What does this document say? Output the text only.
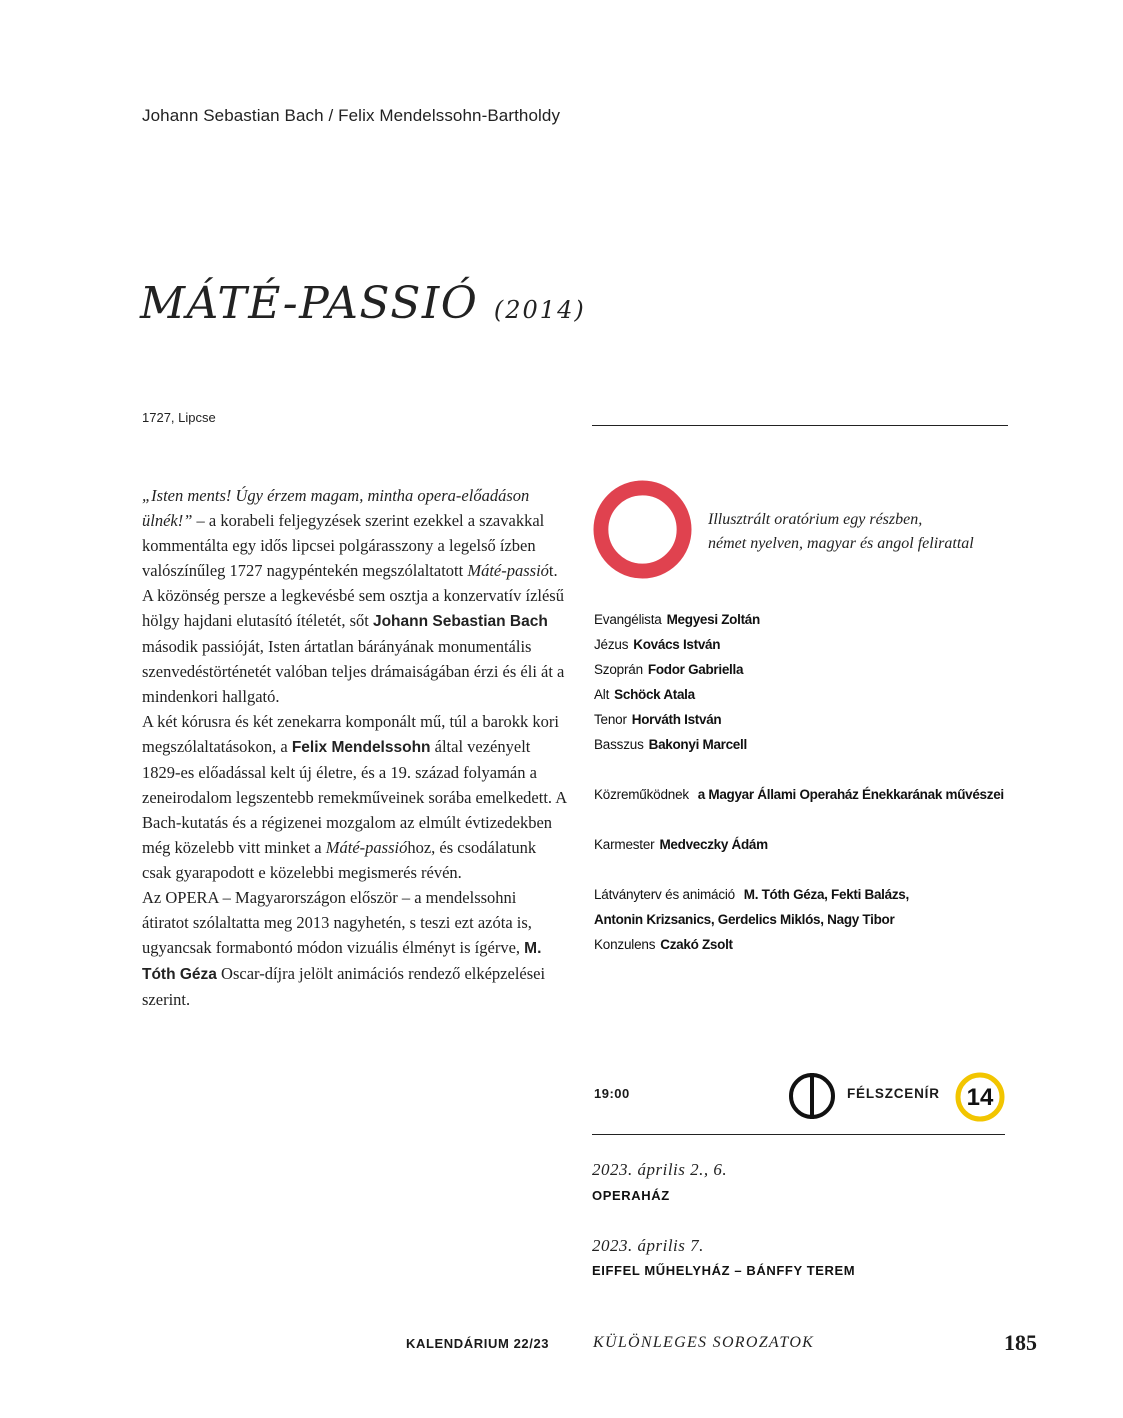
Johann Sebastian Bach / Felix Mendelssohn-Bartholdy
MÁTÉ-PASSIÓ (2014)
1727, Lipcse

„Isten ments! Úgy érzem magam, mintha opera-előadáson ülnék!” – a korabeli feljegyzések szerint ezekkel a szavakkal kommentálta egy idős lipcsei polgárasszony a legelső ízben valószínűleg 1727 nagypéntekén megszólaltatott Máté-passiót. A közönség persze a legkevésbé sem osztja a konzervatív ízlésű hölgy hajdani elutasító ítéletét, sőt Johann Sebastian Bach második passióját, Isten ártatlan bárányának monumentális szenvedéstörténetét valóban teljes drámaiságában érzi és éli át a mindenkori hallgató.

A két kórusra és két zenekarra komponált mű, túl a barokk kori megszólaltatásokon, a Felix Mendelssohn által vezényelt 1829-es előadással kelt új életre, és a 19. század folyamán a zeneirodalom legszentebb remekműveinek sorába emelkedett. A Bach-kutatás és a régizenei mozgalom az elmúlt évtizedekben még közelebb vitt minket a Máté-passióhoz, és csodálatunk csak gyarapodott e közelebbi megismerés révén.

Az OPERA – Magyarországon először – a mendelssohni átiratot szólaltatta meg 2013 nagyhetén, s teszi ezt azóta is, ugyancsak formabontó módon vizuális élményt is ígérve, M. Tóth Géza Oscar-díjra jelölt animációs rendező elképzelései szerint.

Illusztrált oratórium egy részben,
német nyelven, magyar és angol felirattal
Evangélista Megyesi Zoltán
Jézus Kovács István
Szoprán Fodor Gabriella
Alt Schöck Atala
Tenor Horváth István
Basszus Bakonyi Marcell
Közreműködnek a Magyar Állami Operaház Énekkarának művészei
Karmester Medveczky Ádám
Látványterv és animáció M. Tóth Géza, Fekti Balázs,
Antonin Krizsanics, Gerdelics Miklós, Nagy Tibor
Konzulens Czakó Zsolt
19:00	FÉLSZCENÍR 14
2023. április 2., 6.
OPERAHÁZ
2023. április 7.
EIFFEL MŰHELYHÁZ – BÁNFFY TEREM
KALENDÁRIUM 22/23	KÜLÖNLEGES SOROZATOK	185
